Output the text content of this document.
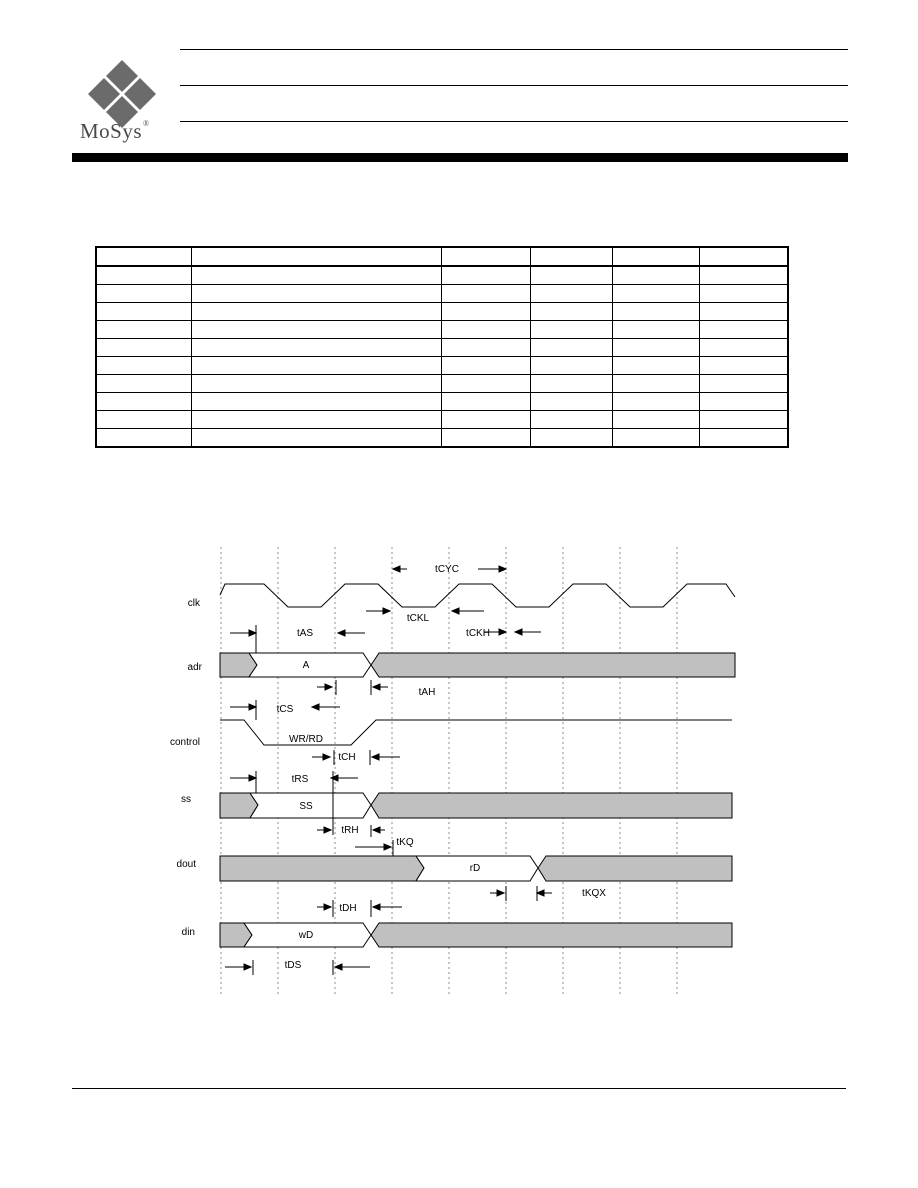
MoSys®

clk
adr
control
ss
dout
din
A
WR/RD
SS
rD
wD
tCYC
tCKL
tCKH
tAS
tAH
tCS
tCH
tRS
tRH
tKQ
tKQX
tDH
tDS
